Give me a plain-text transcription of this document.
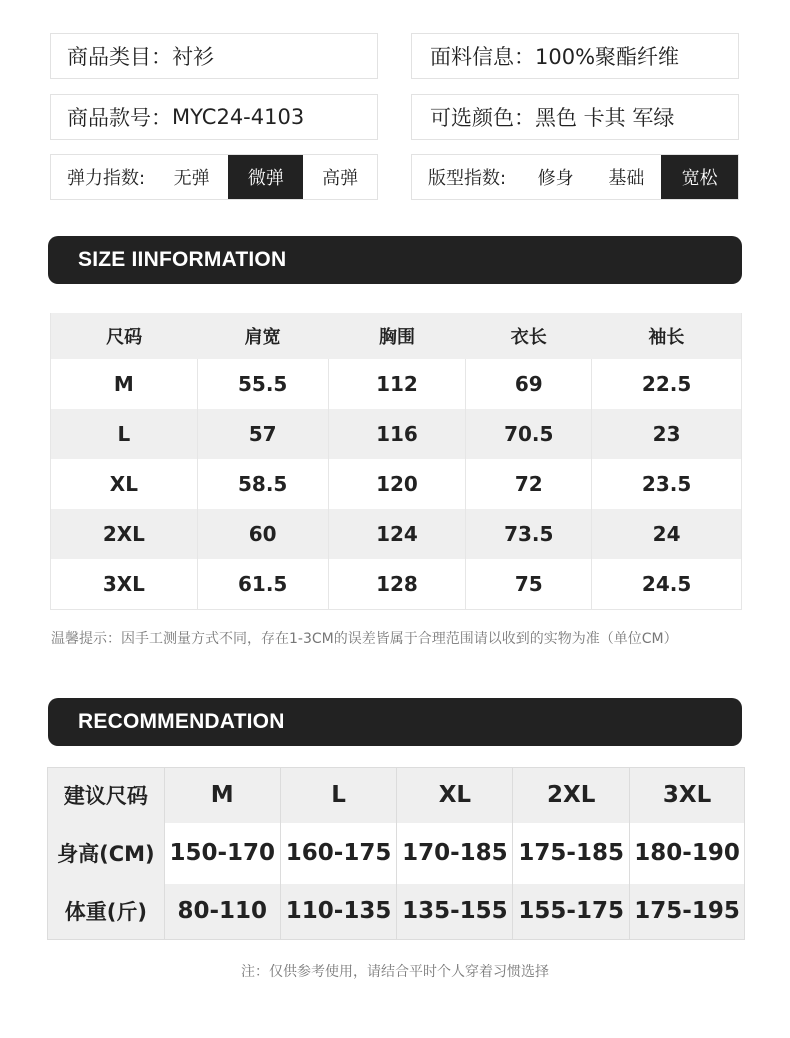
商品类目： 衬衫	面料信息： 100%聚酯纤维
商品款号： MYC24-4103	可选颜色： 黑色 卡其 军绿
弹力指数:	无弹	微弹	高弹	版型指数:	修身	基础	宽松
SIZE IINFORMATION
尺码	肩宽	胸围	衣长	袖长
M	55.5	112	69	22.5
L	57	116	70.5	23
XL	58.5	120	72	23.5
2XL	60	124	73.5	24
3XL	61.5	128	75	24.5
温馨提示：因手工测量方式不同，存在1-3CM的误差皆属于合理范围请以收到的实物为准（单位CM）
RECOMMENDATION
建议尺码	M	L	XL	2XL	3XL
身高(CM)	150-170	160-175	170-185	175-185	180-190
体重(斤)	80-110	110-135	135-155	155-175	175-195
注：仅供参考使用，请结合平时个人穿着习惯选择
